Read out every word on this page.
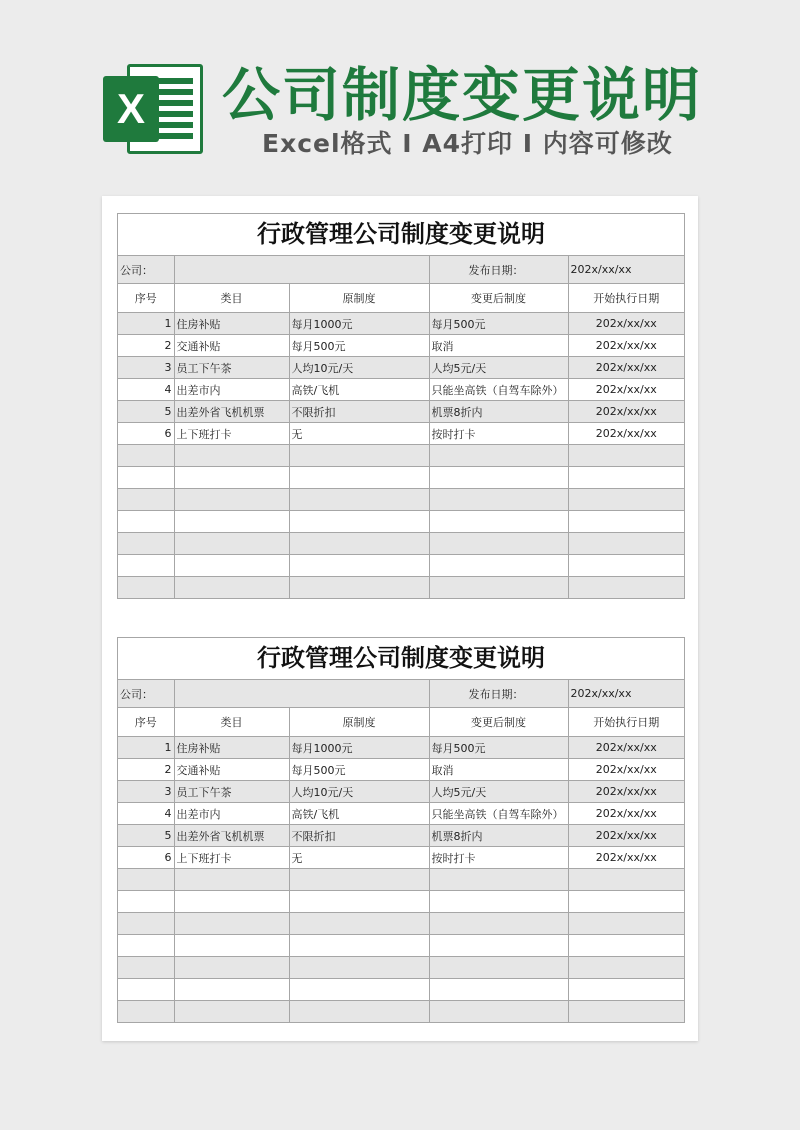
X 公司制度变更说明
Excel格式 I A4打印 I 内容可修改
行政管理公司制度变更说明
公司：			发布日期：	202x/xx/xx
序号	类目	原制度	变更后制度	开始执行日期
1	住房补贴	每月1000元	每月500元	202x/xx/xx
2	交通补贴	每月500元	取消	202x/xx/xx
3	员工下午茶	人均10元/天	人均5元/天	202x/xx/xx
4	出差市内	高铁/飞机	只能坐高铁（自驾车除外）	202x/xx/xx
5	出差外省飞机机票	不限折扣	机票8折内	202x/xx/xx
6	上下班打卡	无	按时打卡	202x/xx/xx

行政管理公司制度变更说明
公司：			发布日期：	202x/xx/xx
序号	类目	原制度	变更后制度	开始执行日期
1	住房补贴	每月1000元	每月500元	202x/xx/xx
2	交通补贴	每月500元	取消	202x/xx/xx
3	员工下午茶	人均10元/天	人均5元/天	202x/xx/xx
4	出差市内	高铁/飞机	只能坐高铁（自驾车除外）	202x/xx/xx
5	出差外省飞机机票	不限折扣	机票8折内	202x/xx/xx
6	上下班打卡	无	按时打卡	202x/xx/xx
